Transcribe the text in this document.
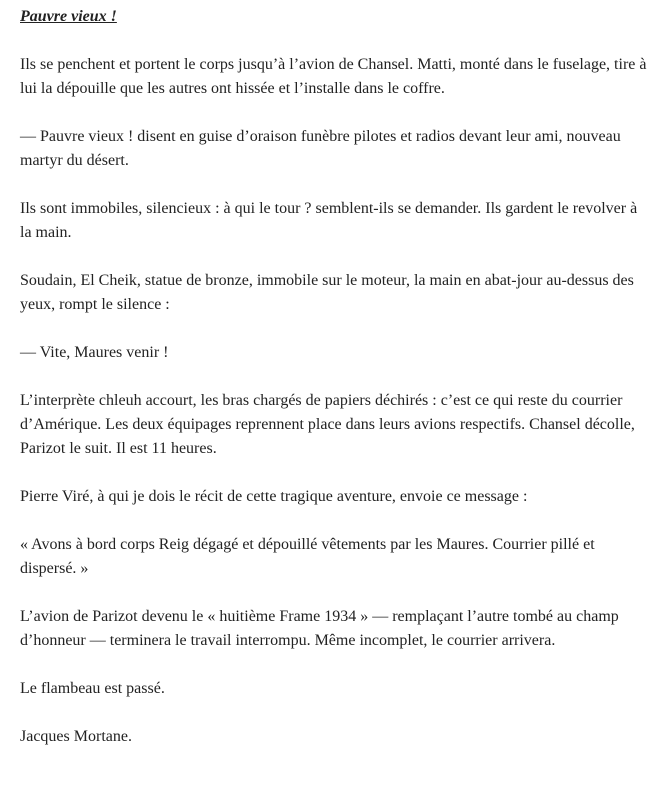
Pauvre vieux !

Ils se penchent et portent le corps jusqu’à l’avion de Chansel. Matti, monté dans le fuselage, tire à lui la dépouille que les autres ont hissée et l’installe dans le coffre.

— Pauvre vieux ! disent en guise d’oraison funèbre pilotes et radios devant leur ami, nouveau martyr du désert.

Ils sont immobiles, silencieux : à qui le tour ? semblent-ils se demander. Ils gardent le revolver à la main.

Soudain, El Cheik, statue de bronze, immobile sur le moteur, la main en abat-jour au-dessus des yeux, rompt le silence :

— Vite, Maures venir !

L’interprète chleuh accourt, les bras chargés de papiers déchirés : c’est ce qui reste du courrier d’Amérique. Les deux équipages reprennent place dans leurs avions respectifs. Chansel décolle, Parizot le suit. Il est 11 heures.

Pierre Viré, à qui je dois le récit de cette tragique aventure, envoie ce message :

« Avons à bord corps Reig dégagé et dépouillé vêtements par les Maures. Courrier pillé et dispersé. »

L’avion de Parizot devenu le « huitième Frame 1934 » — remplaçant l’autre tombé au champ d’honneur — terminera le travail interrompu. Même incomplet, le courrier arrivera.

Le flambeau est passé.

Jacques Mortane.
